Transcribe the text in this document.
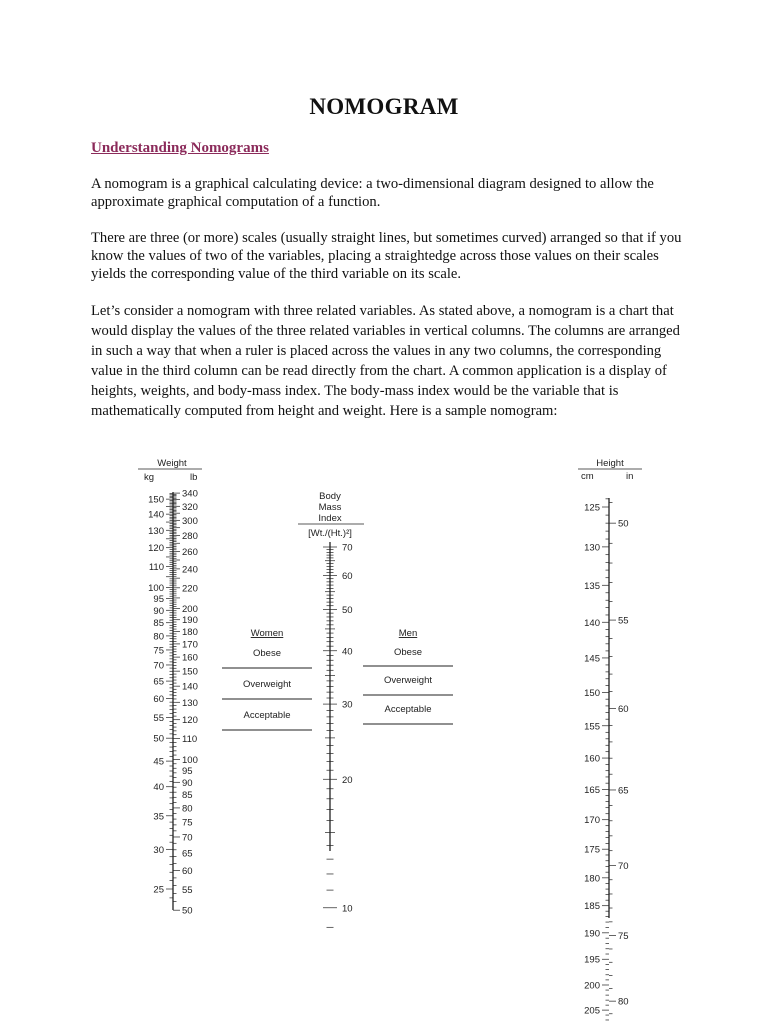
NOMOGRAM
Understanding Nomograms

A nomogram is a graphical calculating device: a two-dimensional diagram designed to allow the approximate graphical computation of a function.

There are three (or more) scales (usually straight lines, but sometimes curved) arranged so that if you know the values of two of the variables, placing a straightedge across those values on their scales yields the corresponding value of the third variable on its scale.

Let’s consider a nomogram with three related variables. As stated above, a nomogram is a chart that would display the values of the three related variables in vertical columns. The columns are arranged in such a way that when a ruler is placed across the values in any two columns, the corresponding value in the third column can be read directly from the chart. A common application is a display of heights, weights, and body-mass index. The body-mass index would be the variable that is mathematically computed from height and weight. Here is a sample nomogram:

Weight
kg	lb
150
140
130
120
110
100
95
90
85
80
75
70
65
60
55
50
45
40
35
30
25
340
320
300
280
260
240
220
200
190
180
170
160
150
140
130
120
110
100
95
90
85
80
75
70
65
60
55
50
Body
Mass
Index
[Wt./(Ht.)²]
70
60
50
40
30
20
10
Women
Obese
Overweight
Acceptable
Men
Obese
Overweight
Acceptable
Height
cm	in
125
130
135
140
145
150
155
160
165
170
175
180
185
190
195
200
205
50
55
60
65
70
75
80
